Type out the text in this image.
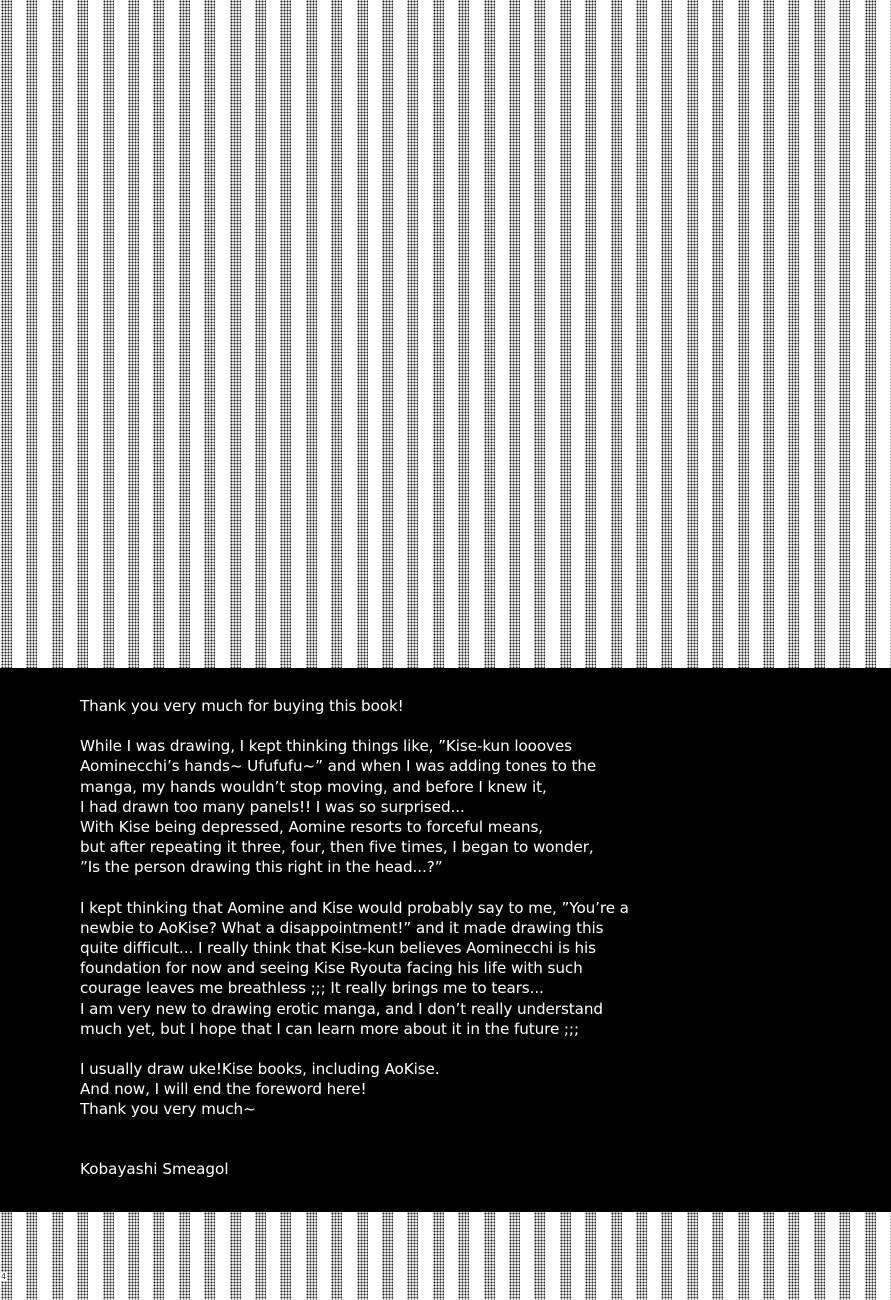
Thank you very much for buying this book!

While I was drawing, I kept thinking things like, ”Kise-kun loooves
Aominecchi’s hands~ Ufufufu~” and when I was adding tones to the
manga, my hands wouldn’t stop moving, and before I knew it,
I had drawn too many panels!! I was so surprised...
With Kise being depressed, Aomine resorts to forceful means,
but after repeating it three, four, then five times, I began to wonder,
”Is the person drawing this right in the head...?”

I kept thinking that Aomine and Kise would probably say to me, ”You’re a
newbie to AoKise? What a disappointment!” and it made drawing this
quite difficult... I really think that Kise-kun believes Aominecchi is his
foundation for now and seeing Kise Ryouta facing his life with such
courage leaves me breathless ;;; It really brings me to tears...
I am very new to drawing erotic manga, and I don’t really understand
much yet, but I hope that I can learn more about it in the future ;;;

I usually draw uke!Kise books, including AoKise.
And now, I will end the foreword here!
Thank you very much~

Kobayashi Smeagol
4
